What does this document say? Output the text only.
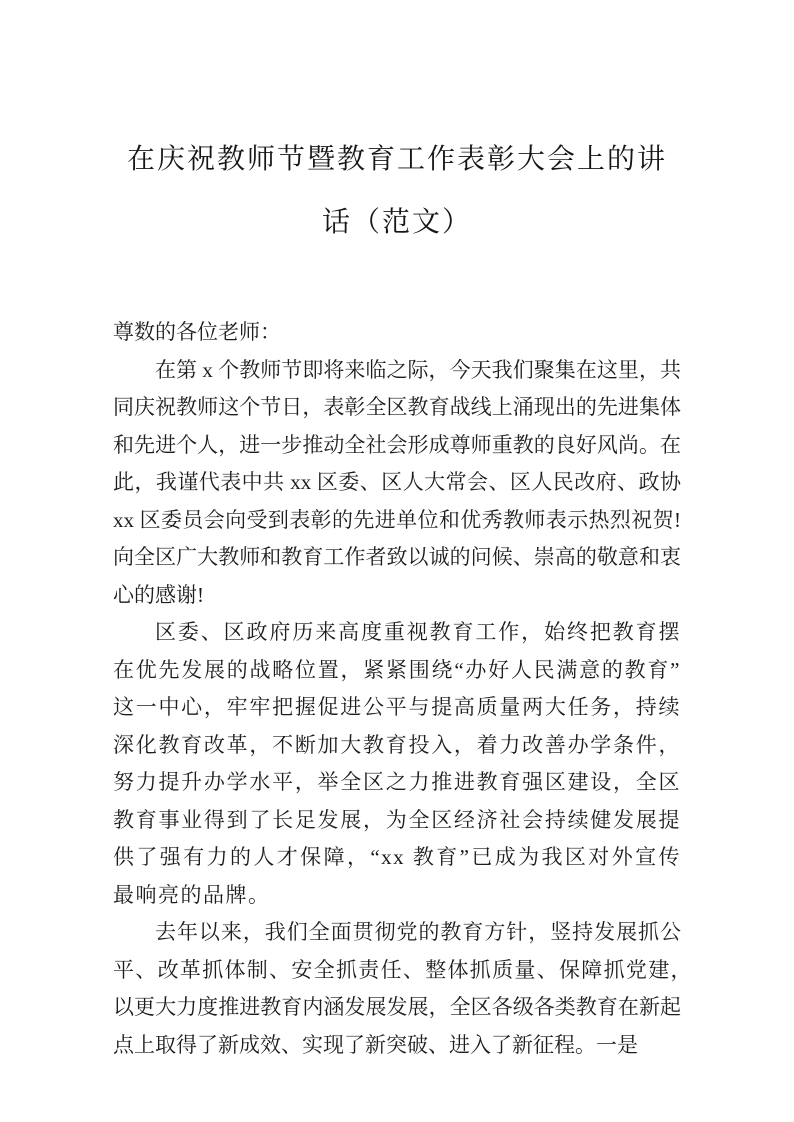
在庆祝教师节暨教育工作表彰大会上的讲
话（范文）

尊数的各位老师：

在第 x 个教师节即将来临之际，今天我们聚集在这里，共同庆祝教师这个节日，表彰全区教育战线上涌现出的先进集体和先进个人，进一步推动全社会形成尊师重教的良好风尚。在此，我谨代表中共 xx 区委、区人大常会、区人民改府、政协 xx 区委员会向受到表彰的先进单位和优秀教师表示热烈祝贺!向全区广大教师和教育工作者致以诚的问候、崇高的敬意和衷心的感谢!

区委、区政府历来高度重视教育工作，始终把教育摆在优先发展的战略位置，紧紧围绕“办好人民满意的教育”这一中心，牢牢把握促进公平与提高质量两大任务，持续深化教育改革，不断加大教育投入，着力改善办学条件，努力提升办学水平，举全区之力推进教育强区建设，全区教育事业得到了长足发展，为全区经济社会持续健发展提供了强有力的人才保障，“xx 教育”已成为我区对外宣传最响亮的品牌。

去年以来，我们全面贯彻党的教育方针，竖持发展抓公平、改革抓体制、安全抓责任、整体抓质量、保障抓党建，　以更大力度推进教育内涵发展发展，全区各级各类教育在新起点上取得了新成效、实现了新突破、进入了新征程。一是
